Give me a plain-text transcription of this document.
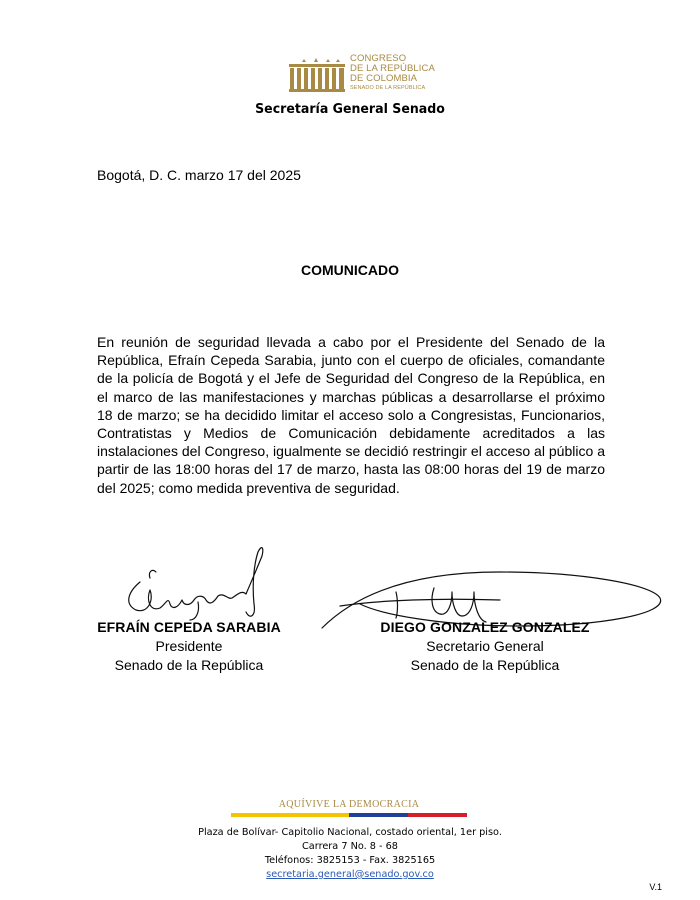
CONGRESO
DE LA REPÚBLICA
DE COLOMBIA
SENADO DE LA REPÚBLICA
Secretaría General Senado
Bogotá, D. C. marzo 17 del 2025
COMUNICADO
En reunión de seguridad llevada a cabo por el Presidente del Senado de la República, Efraín Cepeda Sarabia, junto con el cuerpo de oficiales, comandante de la policía de Bogotá y el Jefe de Seguridad del Congreso de la República, en el marco de las manifestaciones y marchas públicas a desarrollarse el próximo 18 de marzo; se ha decidido limitar el acceso solo a Congresistas, Funcionarios, Contratistas y Medios de Comunicación debidamente acreditados a las instalaciones del Congreso, igualmente se decidió restringir el acceso al público a partir de las 18:00 horas del 17 de marzo, hasta las 08:00 horas del 19 de marzo del 2025; como medida preventiva de seguridad.
EFRAÍN CEPEDA SARABIA
Presidente
Senado de la República
DIEGO GONZALEZ GONZALEZ
Secretario General
Senado de la República
AQUÍVIVE LA DEMOCRACIA
Plaza de Bolívar- Capitolio Nacional, costado oriental, 1er piso.
Carrera 7 No. 8 - 68
Teléfonos: 3825153 - Fax. 3825165
secretaria.general@senado.gov.co
V.1
